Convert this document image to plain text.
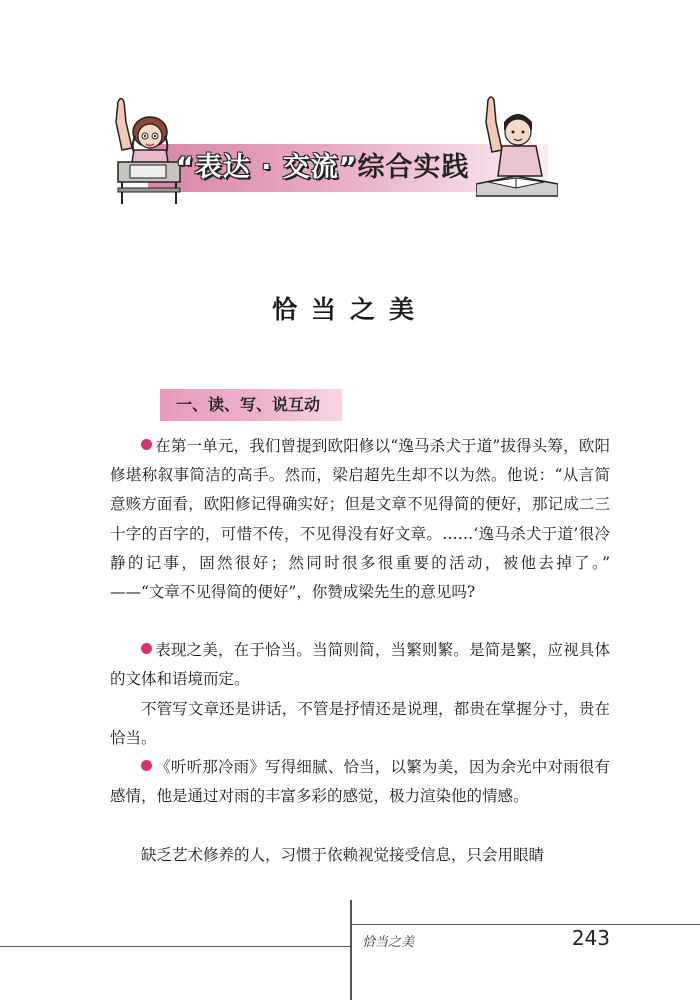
“表达 · 交流”综合实践
恰当之美
一、读、写、说互动

在第一单元，我们曾提到欧阳修以“逸马杀犬于道”拔得头筹，欧阳修堪称叙事简洁的高手。然而，梁启超先生却不以为然。他说：“从言简意赅方面看，欧阳修记得确实好；但是文章不见得简的便好，那记成二三十字的百字的，可惜不传，不见得没有好文章。……‘逸马杀犬于道’很冷静的记事，固然很好；然同时很多很重要的活动，被他去掉了。”　——“文章不见得简的便好”，你赞成梁先生的意见吗?

表现之美，在于恰当。当简则简，当繁则繁。是简是繁，应视具体的文体和语境而定。

不管写文章还是讲话，不管是抒情还是说理，都贵在掌握分寸，贵在恰当。

《听听那冷雨》写得细腻、恰当，以繁为美，因为余光中对雨很有感情，他是通过对雨的丰富多彩的感觉，极力渲染他的情感。

缺乏艺术修养的人，习惯于依赖视觉接受信息，只会用眼睛

恰当之美	243
